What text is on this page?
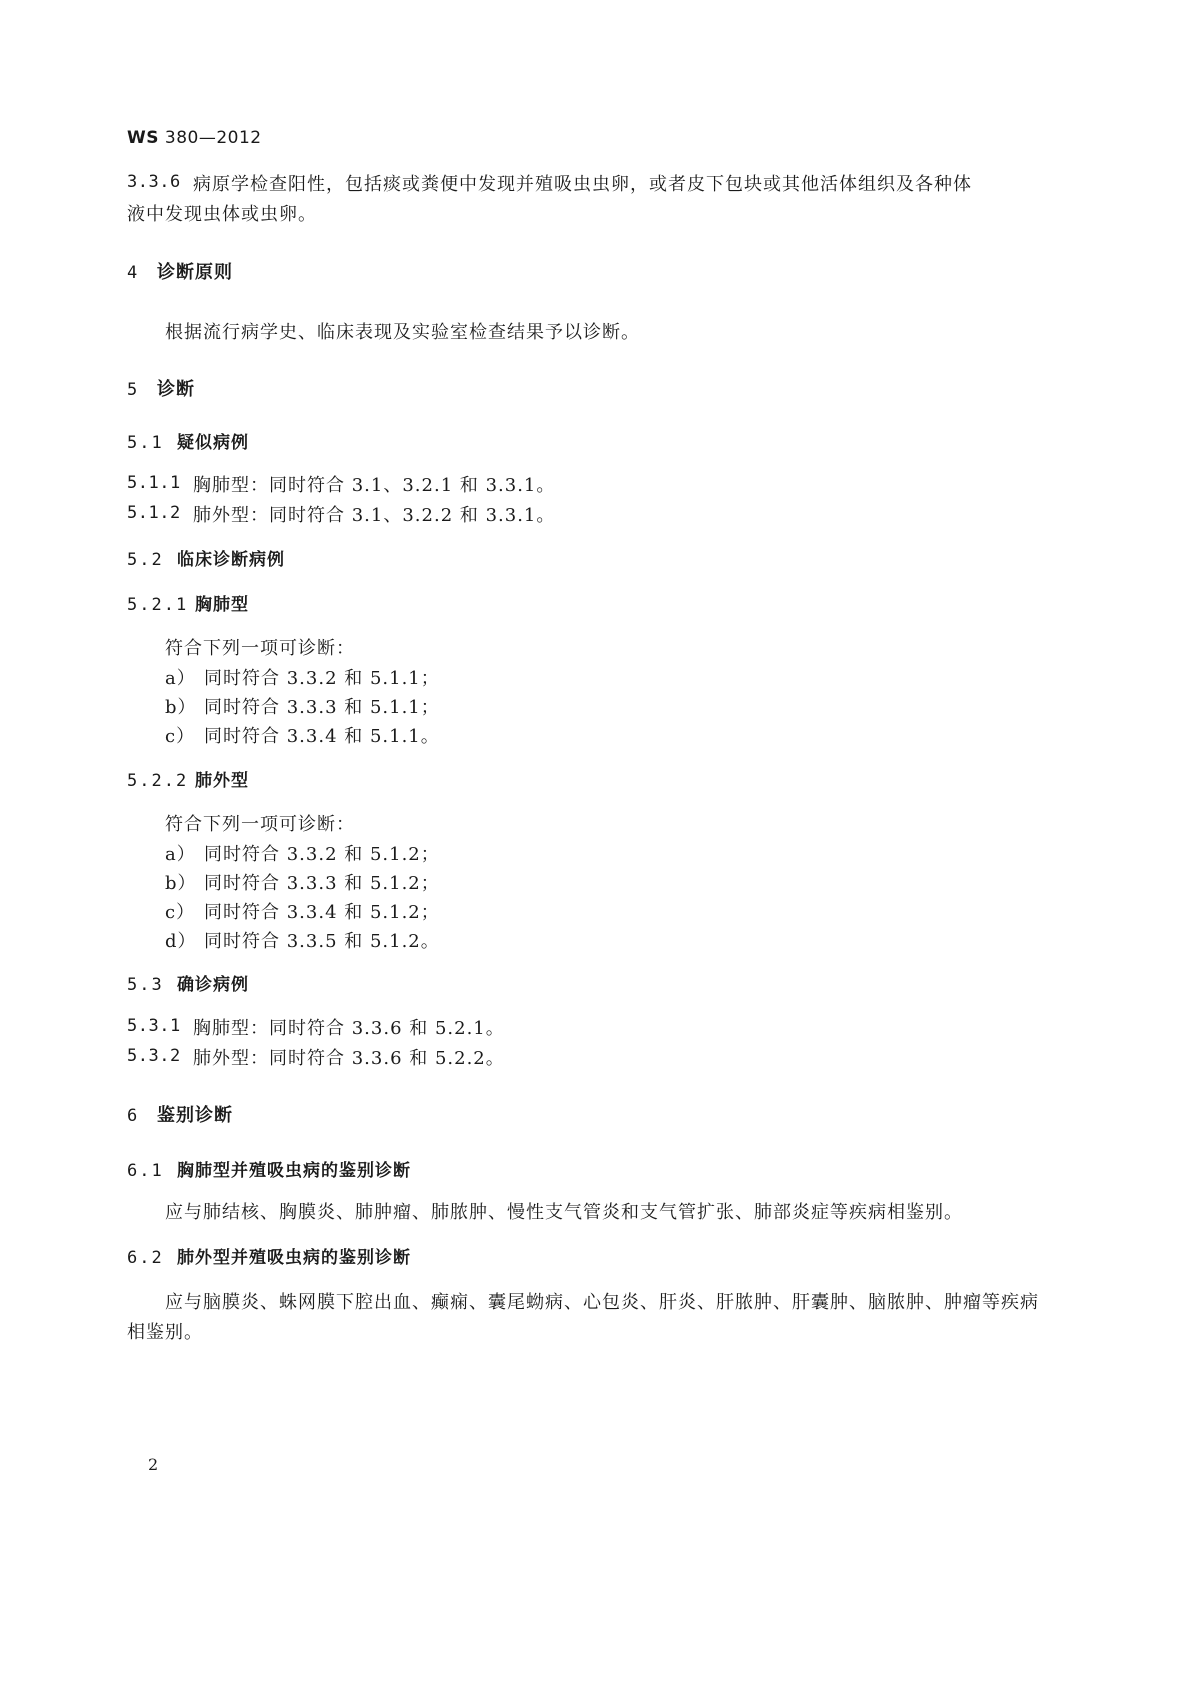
WS 380—2012
3.3.6 病原学检查阳性，包括痰或粪便中发现并殖吸虫虫卵，或者皮下包块或其他活体组织及各种体
液中发现虫体或虫卵。
4 诊断原则
根据流行病学史、临床表现及实验室检查结果予以诊断。
5 诊断
5.1 疑似病例
5.1.1 胸肺型：同时符合 3.1、3.2.1 和 3.3.1。
5.1.2 肺外型：同时符合 3.1、3.2.2 和 3.3.1。
5.2 临床诊断病例
5.2.1 胸肺型
符合下列一项可诊断：
a） 同时符合 3.3.2 和 5.1.1；
b） 同时符合 3.3.3 和 5.1.1；
c） 同时符合 3.3.4 和 5.1.1。
5.2.2 肺外型
符合下列一项可诊断：
a） 同时符合 3.3.2 和 5.1.2；
b） 同时符合 3.3.3 和 5.1.2；
c） 同时符合 3.3.4 和 5.1.2；
d） 同时符合 3.3.5 和 5.1.2。
5.3 确诊病例
5.3.1 胸肺型：同时符合 3.3.6 和 5.2.1。
5.3.2 肺外型：同时符合 3.3.6 和 5.2.2。
6 鉴别诊断
6.1 胸肺型并殖吸虫病的鉴别诊断
应与肺结核、胸膜炎、肺肿瘤、肺脓肿、慢性支气管炎和支气管扩张、肺部炎症等疾病相鉴别。
6.2 肺外型并殖吸虫病的鉴别诊断
应与脑膜炎、蛛网膜下腔出血、癫痫、囊尾蚴病、心包炎、肝炎、肝脓肿、肝囊肿、脑脓肿、肿瘤等疾病
相鉴别。
2
